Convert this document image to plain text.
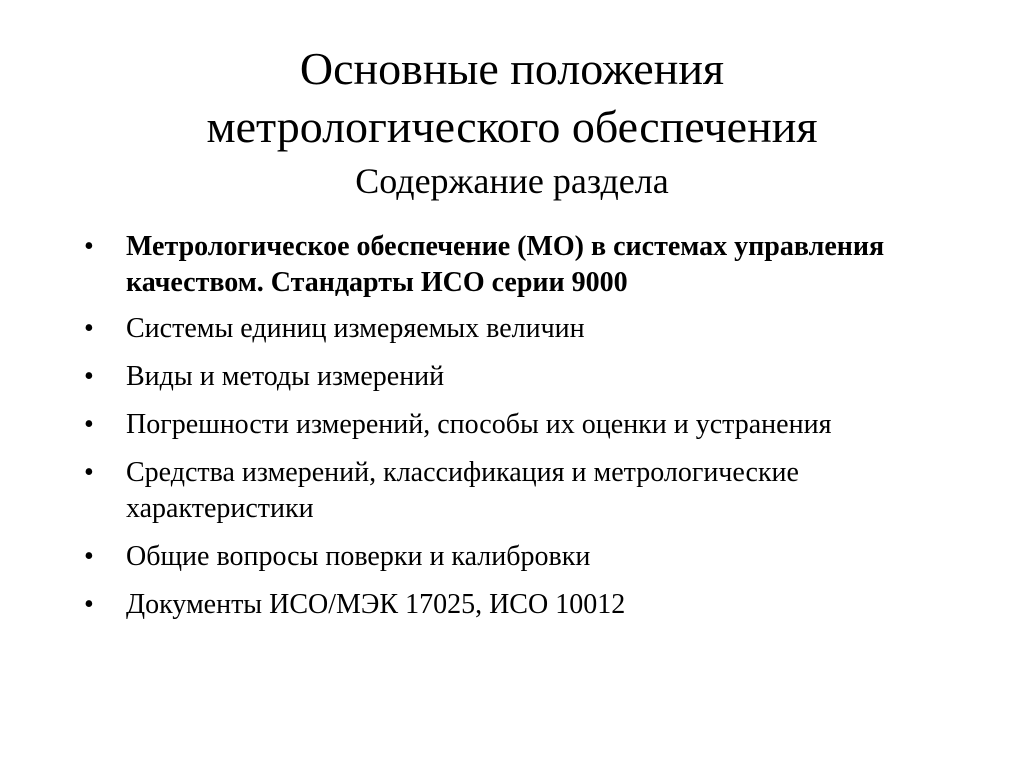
Основные положения
метрологического обеспечения
Содержание раздела
• Метрологическое обеспечение (МО) в системах управления качеством. Стандарты ИСО серии 9000
• Системы единиц измеряемых величин
• Виды и методы измерений
• Погрешности измерений, способы их оценки и устранения
• Средства измерений, классификация и метрологические характеристики
• Общие вопросы поверки и калибровки
• Документы ИСО/МЭК 17025, ИСО 10012
